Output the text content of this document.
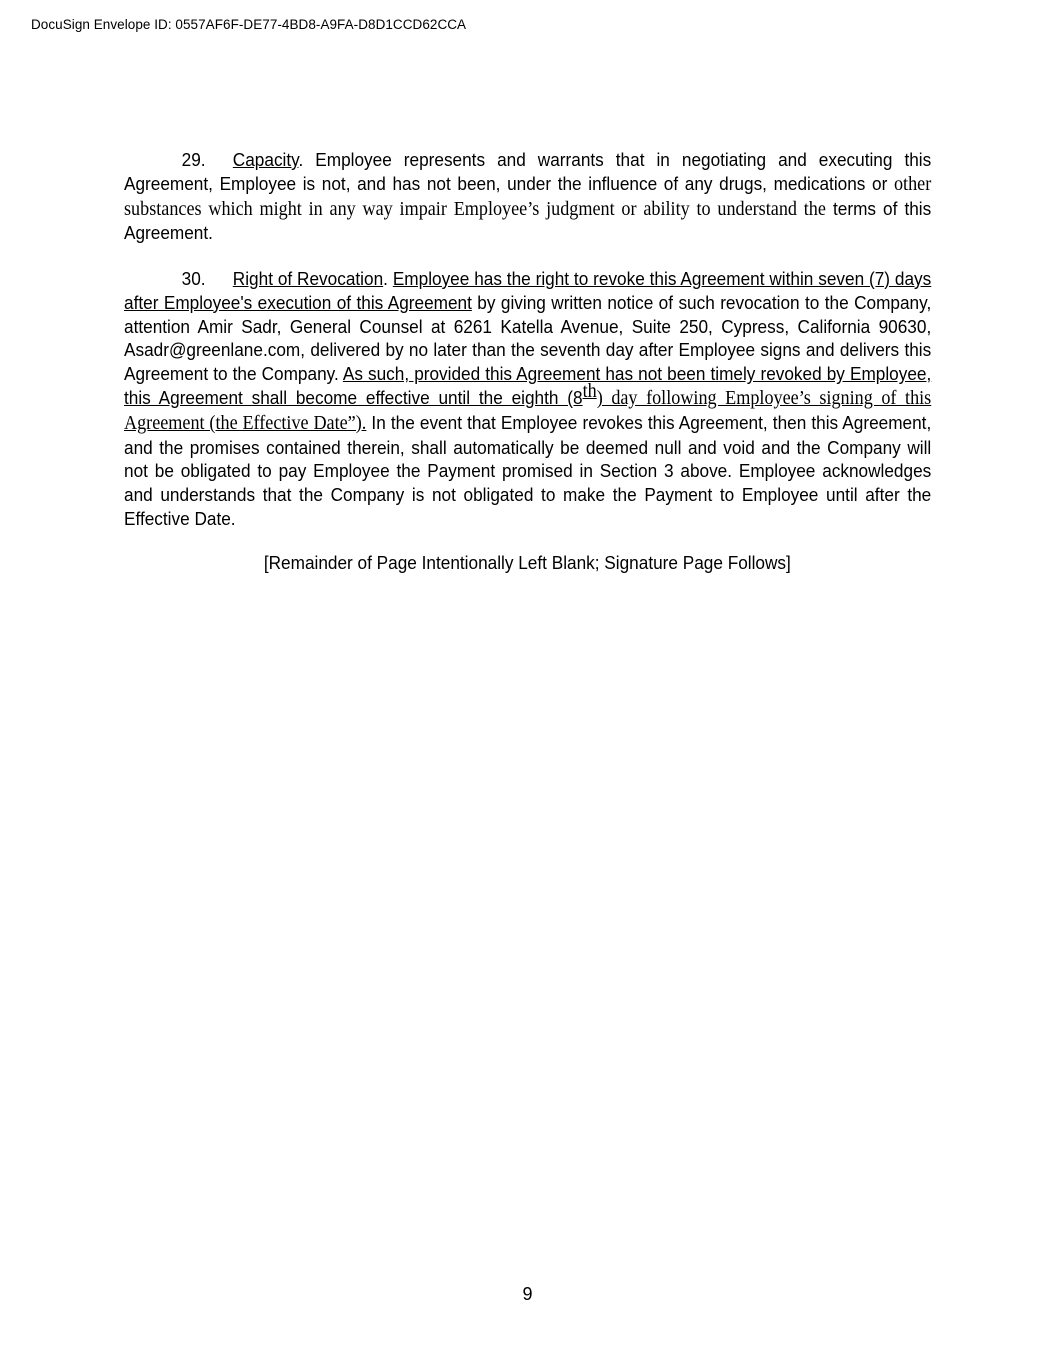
DocuSign Envelope ID: 0557AF6F-DE77-4BD8-A9FA-D8D1CCD62CCA
29. Capacity. Employee represents and warrants that in negotiating and executing this Agreement, Employee is not, and has not been, under the influence of any drugs, medications or other substances which might in any way impair Employee’s judgment or ability to understand the terms of this Agreement.
30. Right of Revocation. Employee has the right to revoke this Agreement within seven (7) days after Employee's execution of this Agreement by giving written notice of such revocation to the Company, attention Amir Sadr, General Counsel at 6261 Katella Avenue, Suite 250, Cypress, California 90630, Asadr@greenlane.com, delivered by no later than the seventh day after Employee signs and delivers this Agreement to the Company. As such, provided this Agreement has not been timely revoked by Employee, this Agreement shall become effective until the eighth (8th) day following Employee’s signing of this Agreement (the Effective Date”). In the event that Employee revokes this Agreement, then this Agreement, and the promises contained therein, shall automatically be deemed null and void and the Company will not be obligated to pay Employee the Payment promised in Section 3 above. Employee acknowledges and understands that the Company is not obligated to make the Payment to Employee until after the Effective Date.
[Remainder of Page Intentionally Left Blank; Signature Page Follows]
9
